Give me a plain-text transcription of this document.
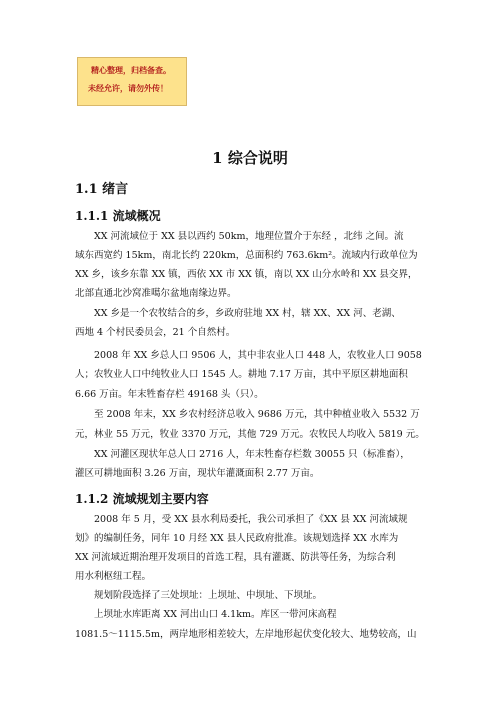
精心整理，归档备查。
未经允许，请勿外传！
1 综合说明
1.1 绪言
1.1.1 流域概况
XX 河流域位于 XX 县以西约 50km，地理位置介于东经 ，北纬 之间。流
域东西宽约 15km，南北长约 220km，总面积约 763.6km²。流域内行政单位为
XX 乡，该乡东靠 XX 镇，西依 XX 市 XX 镇，南以 XX 山分水岭和 XX 县交界，
北部直通北沙窝准噶尔盆地南缘边界。
XX 乡是一个农牧结合的乡，乡政府驻地 XX 村，辖 XX、XX 河、老湖、
西地 4 个村民委员会，21 个自然村。
2008 年 XX 乡总人口 9506 人，其中非农业人口 448 人，农牧业人口 9058
人；农牧业人口中纯牧业人口 1545 人。耕地 7.17 万亩，其中平原区耕地面积
6.66 万亩。年末牲畜存栏 49168 头（只）。
至 2008 年末，XX 乡农村经济总收入 9686 万元，其中种植业收入 5532 万
元，林业 55 万元，牧业 3370 万元，其他 729 万元。农牧民人均收入 5819 元。
XX 河灌区现状年总人口 2716 人，年末牲畜存栏数 30055 只（标准畜），
灌区可耕地面积 3.26 万亩，现状年灌溉面积 2.77 万亩。
1.1.2 流域规划主要内容
2008 年 5 月，受 XX 县水利局委托，我公司承担了《XX 县 XX 河流域规
划》的编制任务，同年 10 月经 XX 县人民政府批准。该规划选择 XX 水库为
XX 河流域近期治理开发项目的首选工程，具有灌溉、防洪等任务，为综合利
用水利枢纽工程。
规划阶段选择了三处坝址：上坝址、中坝址、下坝址。
上坝址水库距离 XX 河出山口 4.1km。库区一带河床高程
1081.5～1115.5m，两岸地形相差较大，左岸地形起伏变化较大、地势较高，山
